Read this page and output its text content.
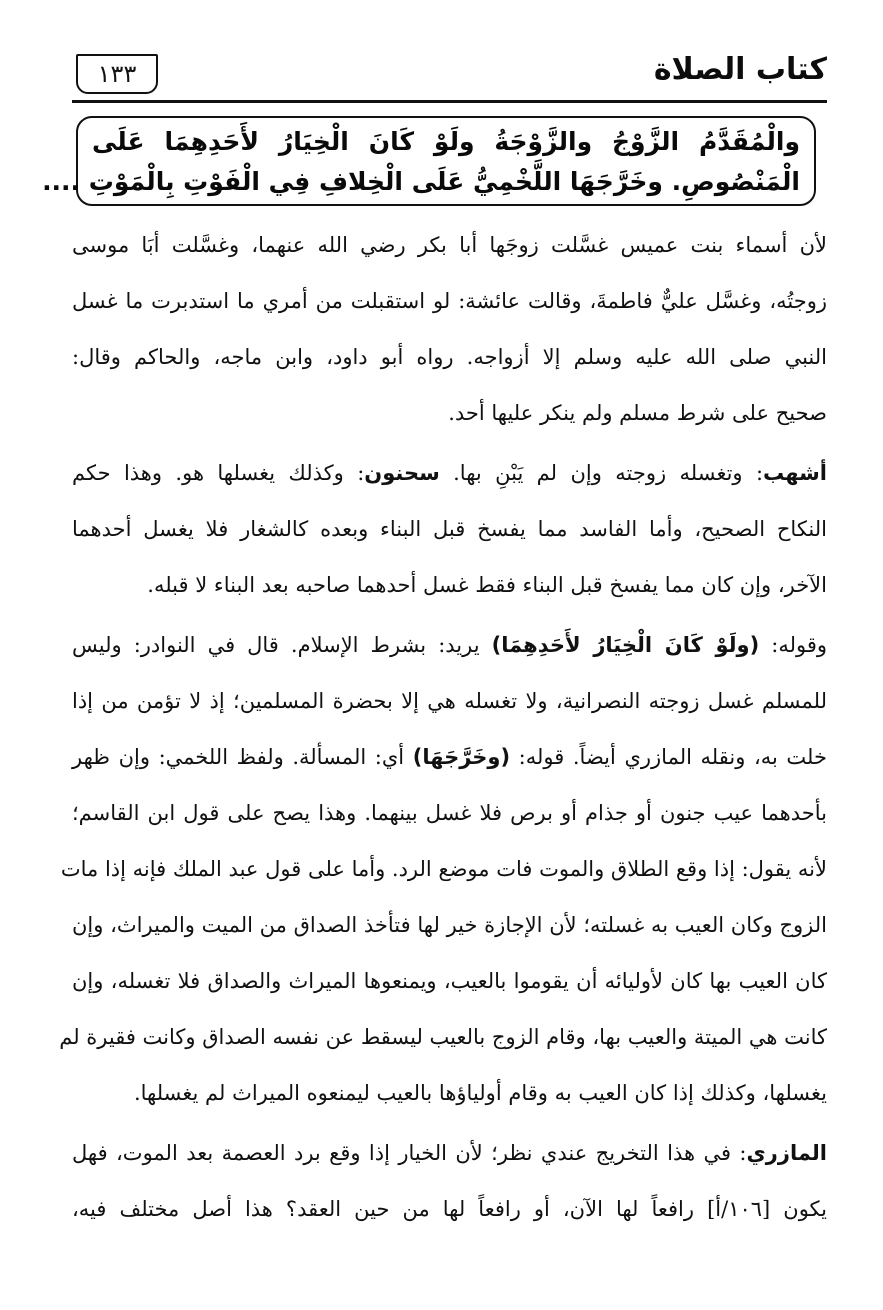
كتاب الصلاة
١٣٣
والْمُقَدَّمُ الزَّوْجُ والزَّوْجَةُ ولَوْ كَانَ الْخِيَارُ لأَحَدِهِمَا عَلَى
الْمَنْصُوصِ. وخَرَّجَهَا اللَّخْمِيُّ عَلَى الْخِلافِ فِي الْفَوْتِ بِالْمَوْتِ ....
لأن أسماء بنت عميس غسَّلت زوجَها أبا بكر رضي الله عنهما، وغسَّلت أبَا موسى
زوجتُه، وغسَّل عليٌّ فاطمةَ، وقالت عائشة: لو استقبلت من أمري ما استدبرت ما غسل
النبي صلى الله عليه وسلم إلا أزواجه. رواه أبو داود، وابن ماجه، والحاكم وقال:
صحيح على شرط مسلم ولم ينكر عليها أحد.
أشهب: وتغسله زوجته وإن لم يَبْنِ بها. سحنون: وكذلك يغسلها هو. وهذا حكم
النكاح الصحيح، وأما الفاسد مما يفسخ قبل البناء وبعده كالشغار فلا يغسل أحدهما
الآخر، وإن كان مما يفسخ قبل البناء فقط غسل أحدهما صاحبه بعد البناء لا قبله.
وقوله: (ولَوْ كَانَ الْخِيَارُ لأَحَدِهِمَا) يريد: بشرط الإسلام. قال في النوادر: وليس
للمسلم غسل زوجته النصرانية، ولا تغسله هي إلا بحضرة المسلمين؛ إذ لا تؤمن من إذا
خلت به، ونقله المازري أيضاً. قوله: (وخَرَّجَهَا) أي: المسألة. ولفظ اللخمي: وإن ظهر
بأحدهما عيب جنون أو جذام أو برص فلا غسل بينهما. وهذا يصح على قول ابن القاسم؛
لأنه يقول: إذا وقع الطلاق والموت فات موضع الرد. وأما على قول عبد الملك فإنه إذا مات
الزوج وكان العيب به غسلته؛ لأن الإجازة خير لها فتأخذ الصداق من الميت والميراث، وإن
كان العيب بها كان لأوليائه أن يقوموا بالعيب، ويمنعوها الميراث والصداق فلا تغسله، وإن
كانت هي الميتة والعيب بها، وقام الزوج بالعيب ليسقط عن نفسه الصداق وكانت فقيرة لم
يغسلها، وكذلك إذا كان العيب به وقام أولياؤها بالعيب ليمنعوه الميراث لم يغسلها.
المازري: في هذا التخريج عندي نظر؛ لأن الخيار إذا وقع برد العصمة بعد الموت، فهل
يكون [١٠٦/أ] رافعاً لها الآن، أو رافعاً لها من حين العقد؟ هذا أصل مختلف فيه،
